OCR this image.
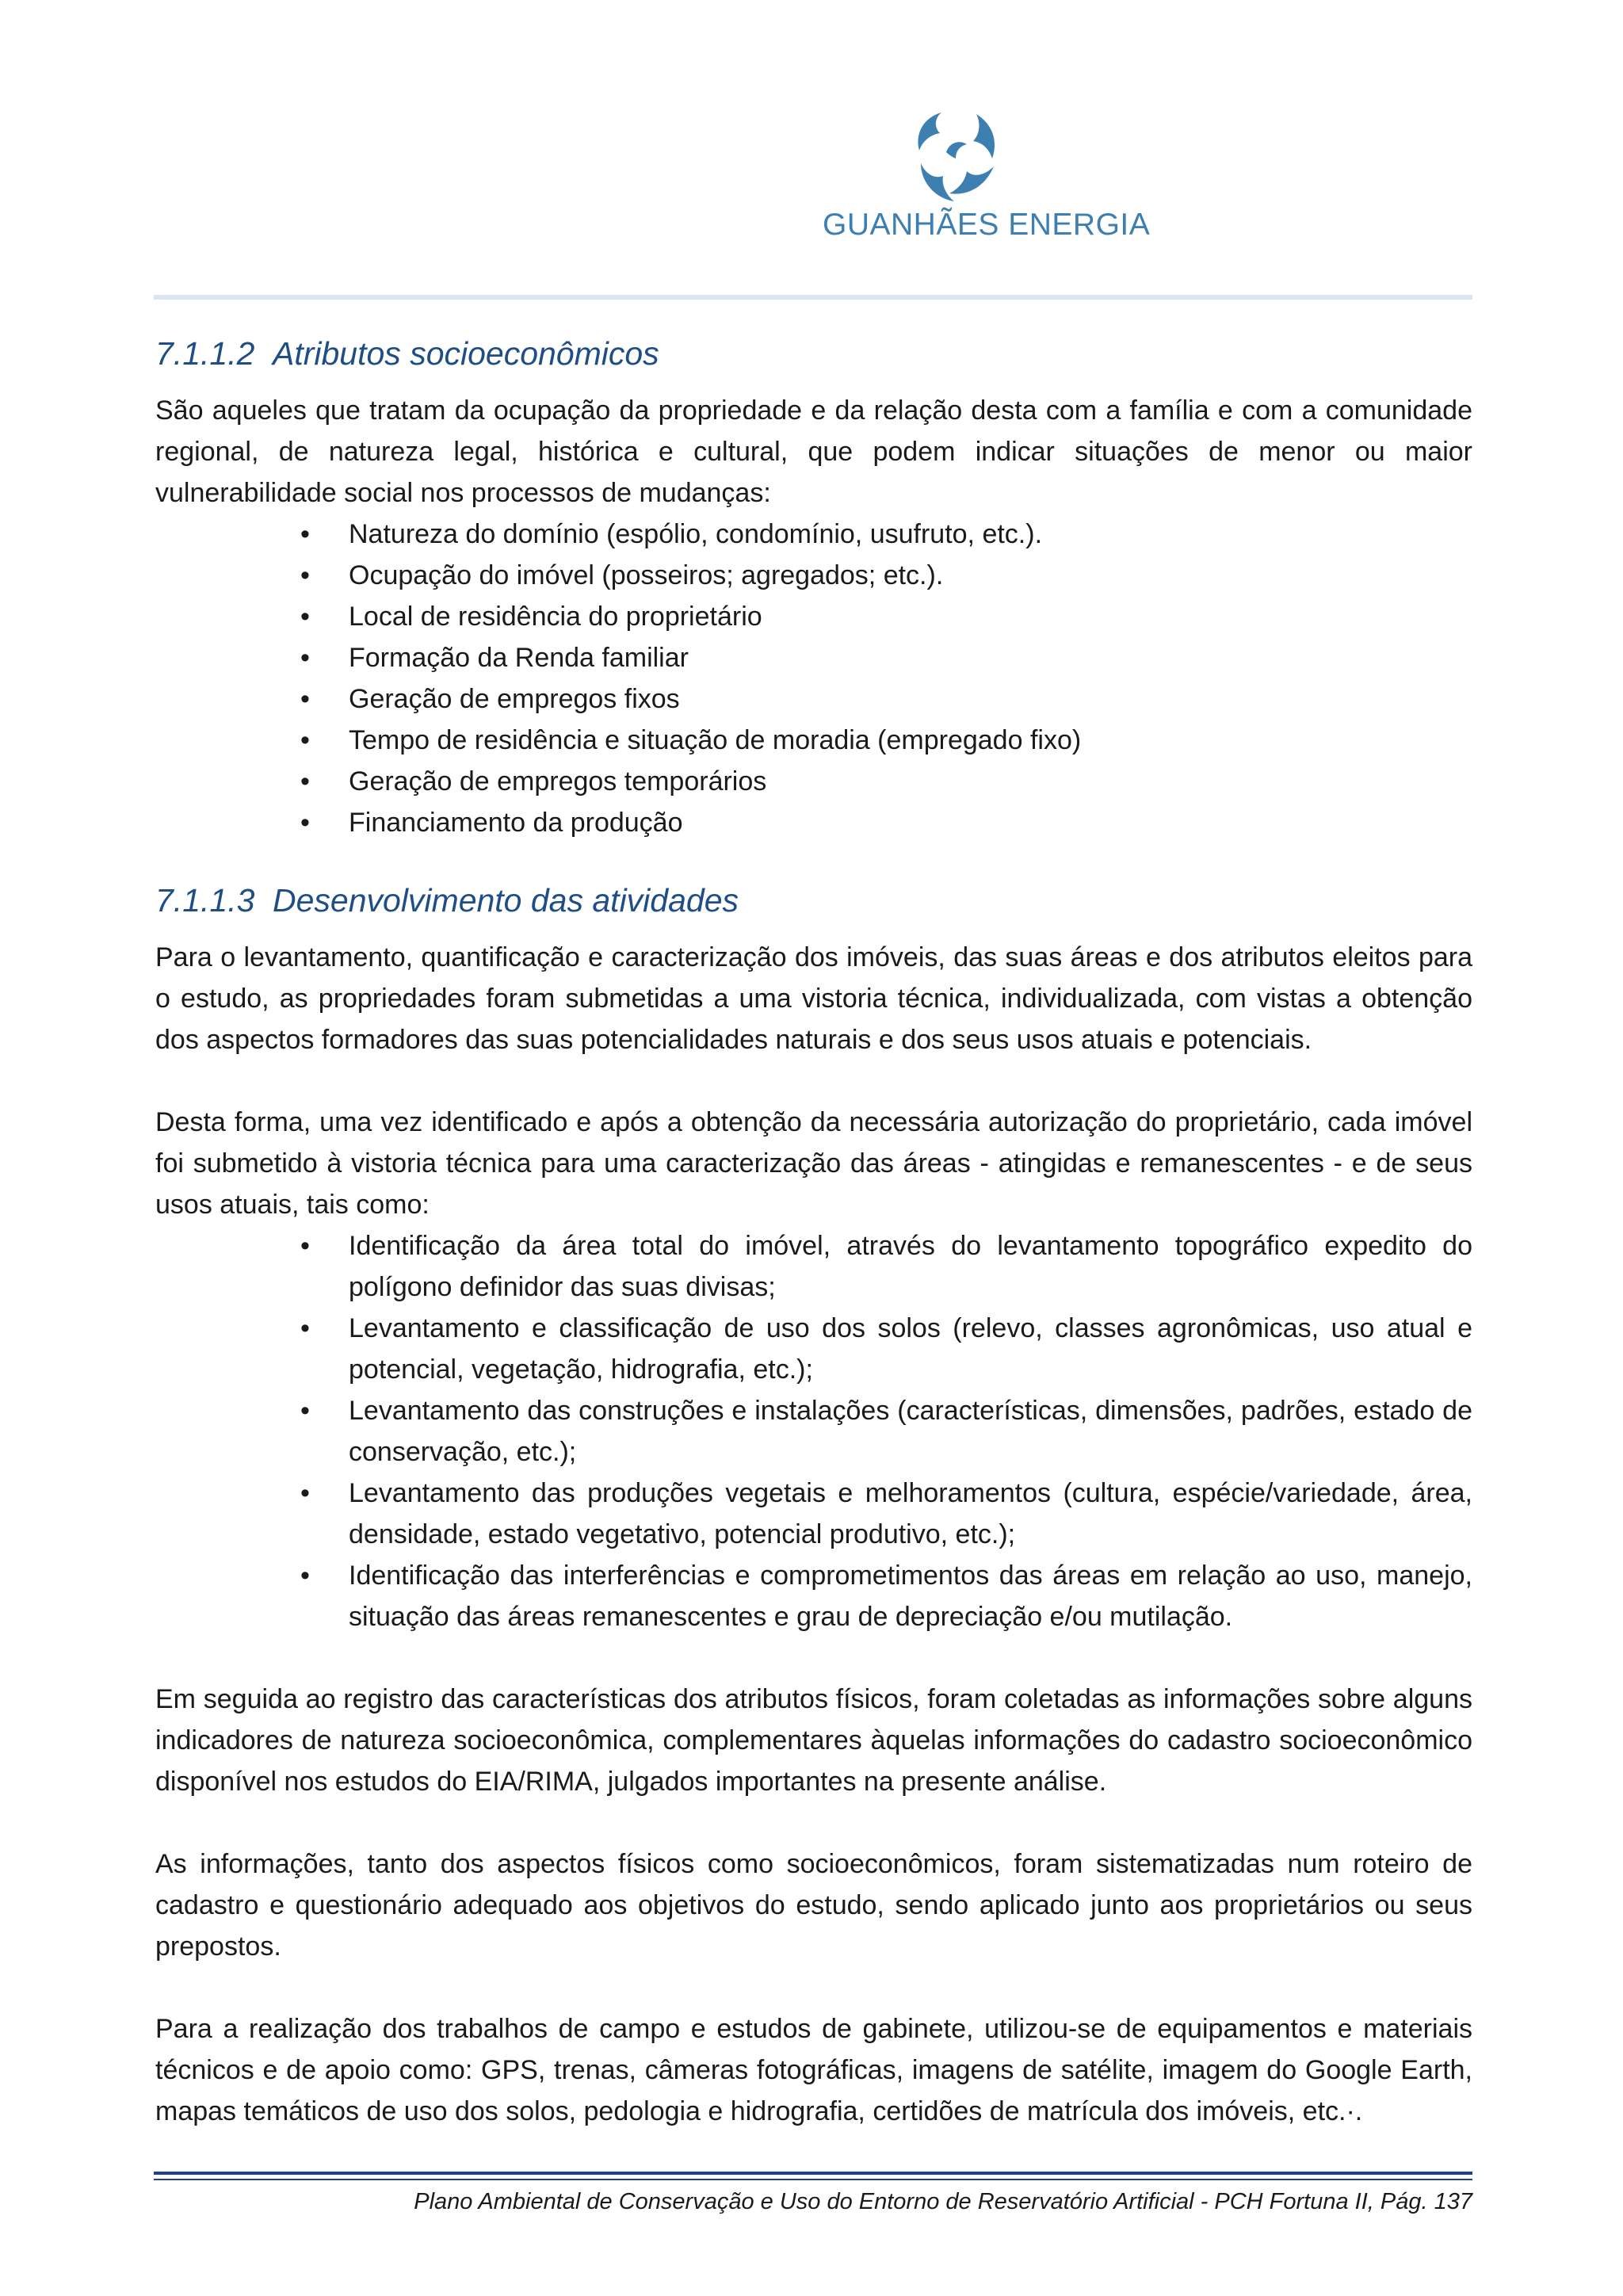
GUANHÃES ENERGIA
7.1.1.2 Atributos socioeconômicos

São aqueles que tratam da ocupação da propriedade e da relação desta com a família e com a comunidade regional, de natureza legal, histórica e cultural, que podem indicar situações de menor ou maior vulnerabilidade social nos processos de mudanças:

• Natureza do domínio (espólio, condomínio, usufruto, etc.).
• Ocupação do imóvel (posseiros; agregados; etc.).
• Local de residência do proprietário
• Formação da Renda familiar
• Geração de empregos fixos
• Tempo de residência e situação de moradia (empregado fixo)
• Geração de empregos temporários
• Financiamento da produção
7.1.1.3 Desenvolvimento das atividades

Para o levantamento, quantificação e caracterização dos imóveis, das suas áreas e dos atributos eleitos para o estudo, as propriedades foram submetidas a uma vistoria técnica, individualizada, com vistas a obtenção dos aspectos formadores das suas potencialidades naturais e dos seus usos atuais e potenciais.

Desta forma, uma vez identificado e após a obtenção da necessária autorização do proprietário, cada imóvel foi submetido à vistoria técnica para uma caracterização das áreas - atingidas e remanescentes - e de seus usos atuais, tais como:

• Identificação da área total do imóvel, através do levantamento topográfico expedito do polígono definidor das suas divisas;
• Levantamento e classificação de uso dos solos (relevo, classes agronômicas, uso atual e potencial, vegetação, hidrografia, etc.);
• Levantamento das construções e instalações (características, dimensões, padrões, estado de conservação, etc.);
• Levantamento das produções vegetais e melhoramentos (cultura, espécie/variedade, área, densidade, estado vegetativo, potencial produtivo, etc.);
• Identificação das interferências e comprometimentos das áreas em relação ao uso, manejo, situação das áreas remanescentes e grau de depreciação e/ou mutilação.

Em seguida ao registro das características dos atributos físicos, foram coletadas as informações sobre alguns indicadores de natureza socioeconômica, complementares àquelas informações do cadastro socioeconômico disponível nos estudos do EIA/RIMA, julgados importantes na presente análise.

As informações, tanto dos aspectos físicos como socioeconômicos, foram sistematizadas num roteiro de cadastro e questionário adequado aos objetivos do estudo, sendo aplicado junto aos proprietários ou seus prepostos.

Para a realização dos trabalhos de campo e estudos de gabinete, utilizou-se de equipamentos e materiais técnicos e de apoio como: GPS, trenas, câmeras fotográficas, imagens de satélite, imagem do Google Earth, mapas temáticos de uso dos solos, pedologia e hidrografia, certidões de matrícula dos imóveis, etc.·.

Plano Ambiental de Conservação e Uso do Entorno de Reservatório Artificial - PCH Fortuna II, Pág. 137
